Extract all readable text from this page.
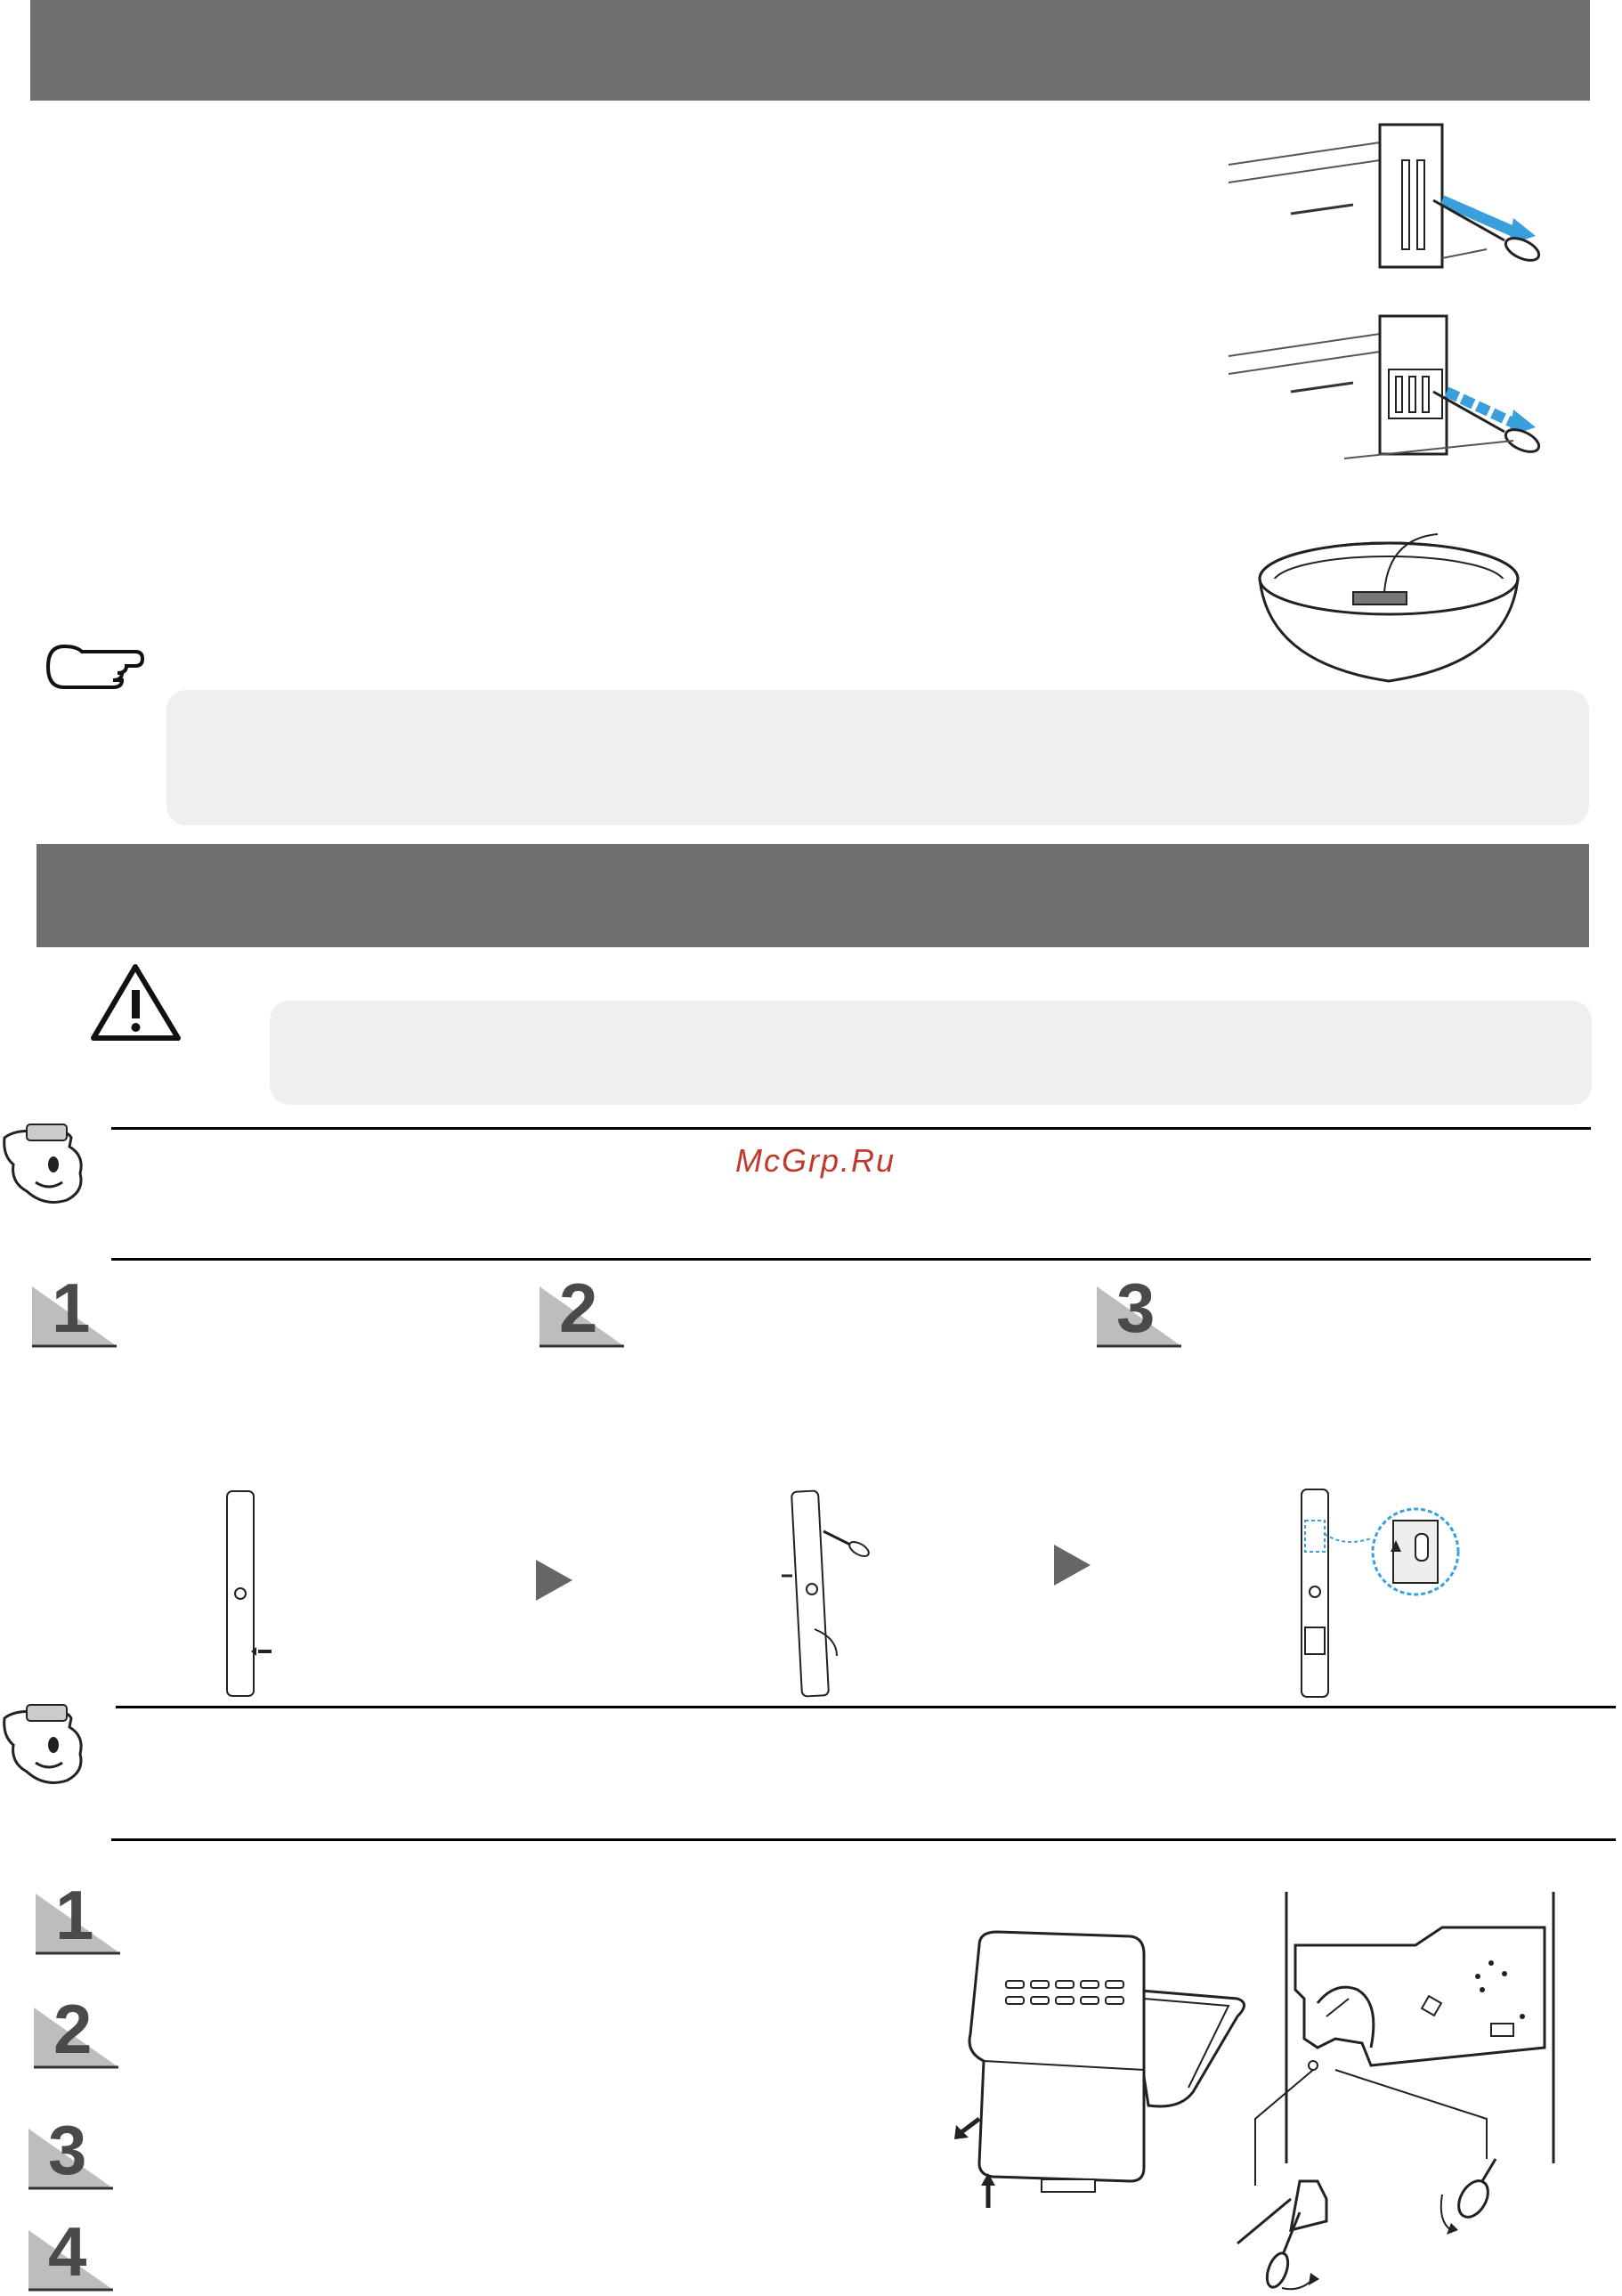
McGrp.Ru
1	2	3
1
2
3
4
